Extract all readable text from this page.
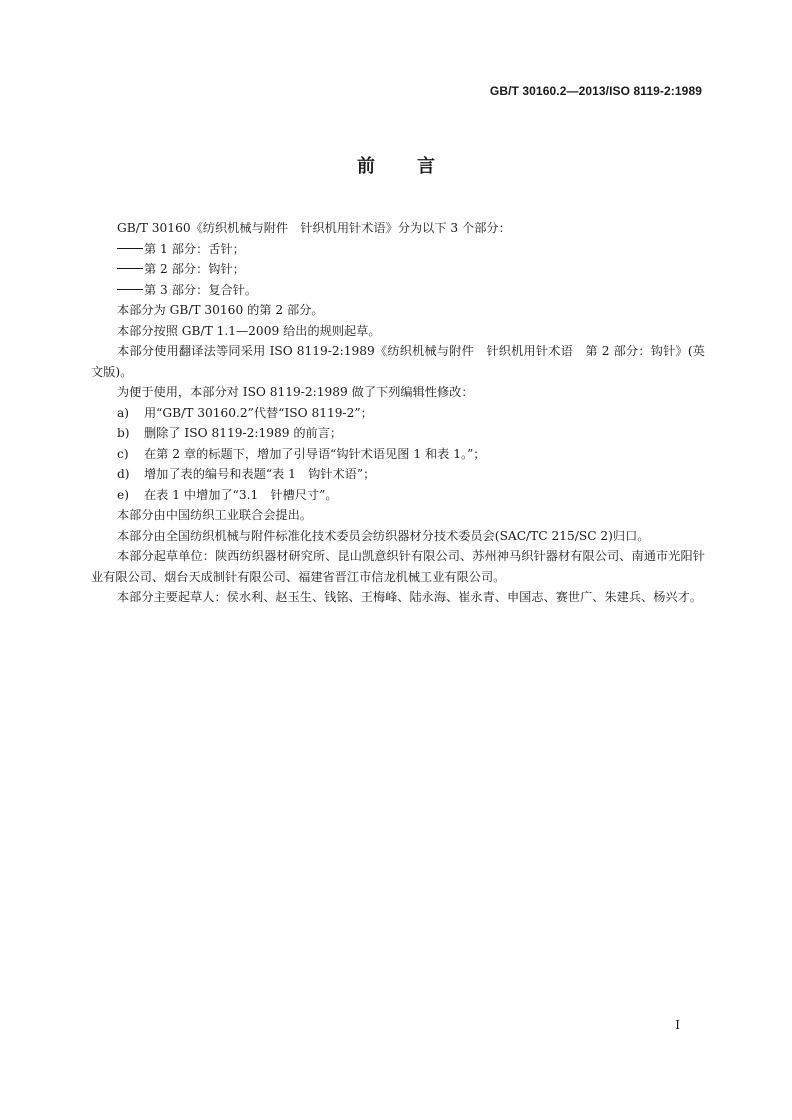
GB/T 30160.2—2013/ISO 8119-2:1989
前言

GB/T 30160《纺织机械与附件　针织机用针术语》分为以下 3 个部分：

第 1 部分：舌针；
第 2 部分：钩针；
第 3 部分：复合针。

本部分为 GB/T 30160 的第 2 部分。

本部分按照 GB/T 1.1—2009 给出的规则起草。

本部分使用翻译法等同采用 ISO 8119-2:1989《纺织机械与附件　针织机用针术语　第 2 部分：钩针》(英文版)。

为便于使用，本部分对 ISO 8119-2:1989 做了下列编辑性修改：

a) 用“GB/T 30160.2”代替“ISO 8119-2”；
b) 删除了 ISO 8119-2:1989 的前言；
c) 在第 2 章的标题下，增加了引导语“钩针术语见图 1 和表 1。”；
d) 增加了表的编号和表题“表 1　钩针术语”；
e) 在表 1 中增加了“3.1　针槽尺寸”。

本部分由中国纺织工业联合会提出。

本部分由全国纺织机械与附件标准化技术委员会纺织器材分技术委员会(SAC/TC 215/SC 2)归口。

本部分起草单位：陕西纺织器材研究所、昆山凯意织针有限公司、苏州神马织针器材有限公司、南通市光阳针业有限公司、烟台天成制针有限公司、福建省晋江市信龙机械工业有限公司。

本部分主要起草人：侯水利、赵玉生、钱铭、王梅峰、陆永海、崔永青、申国志、赛世广、朱建兵、杨兴才。

I
